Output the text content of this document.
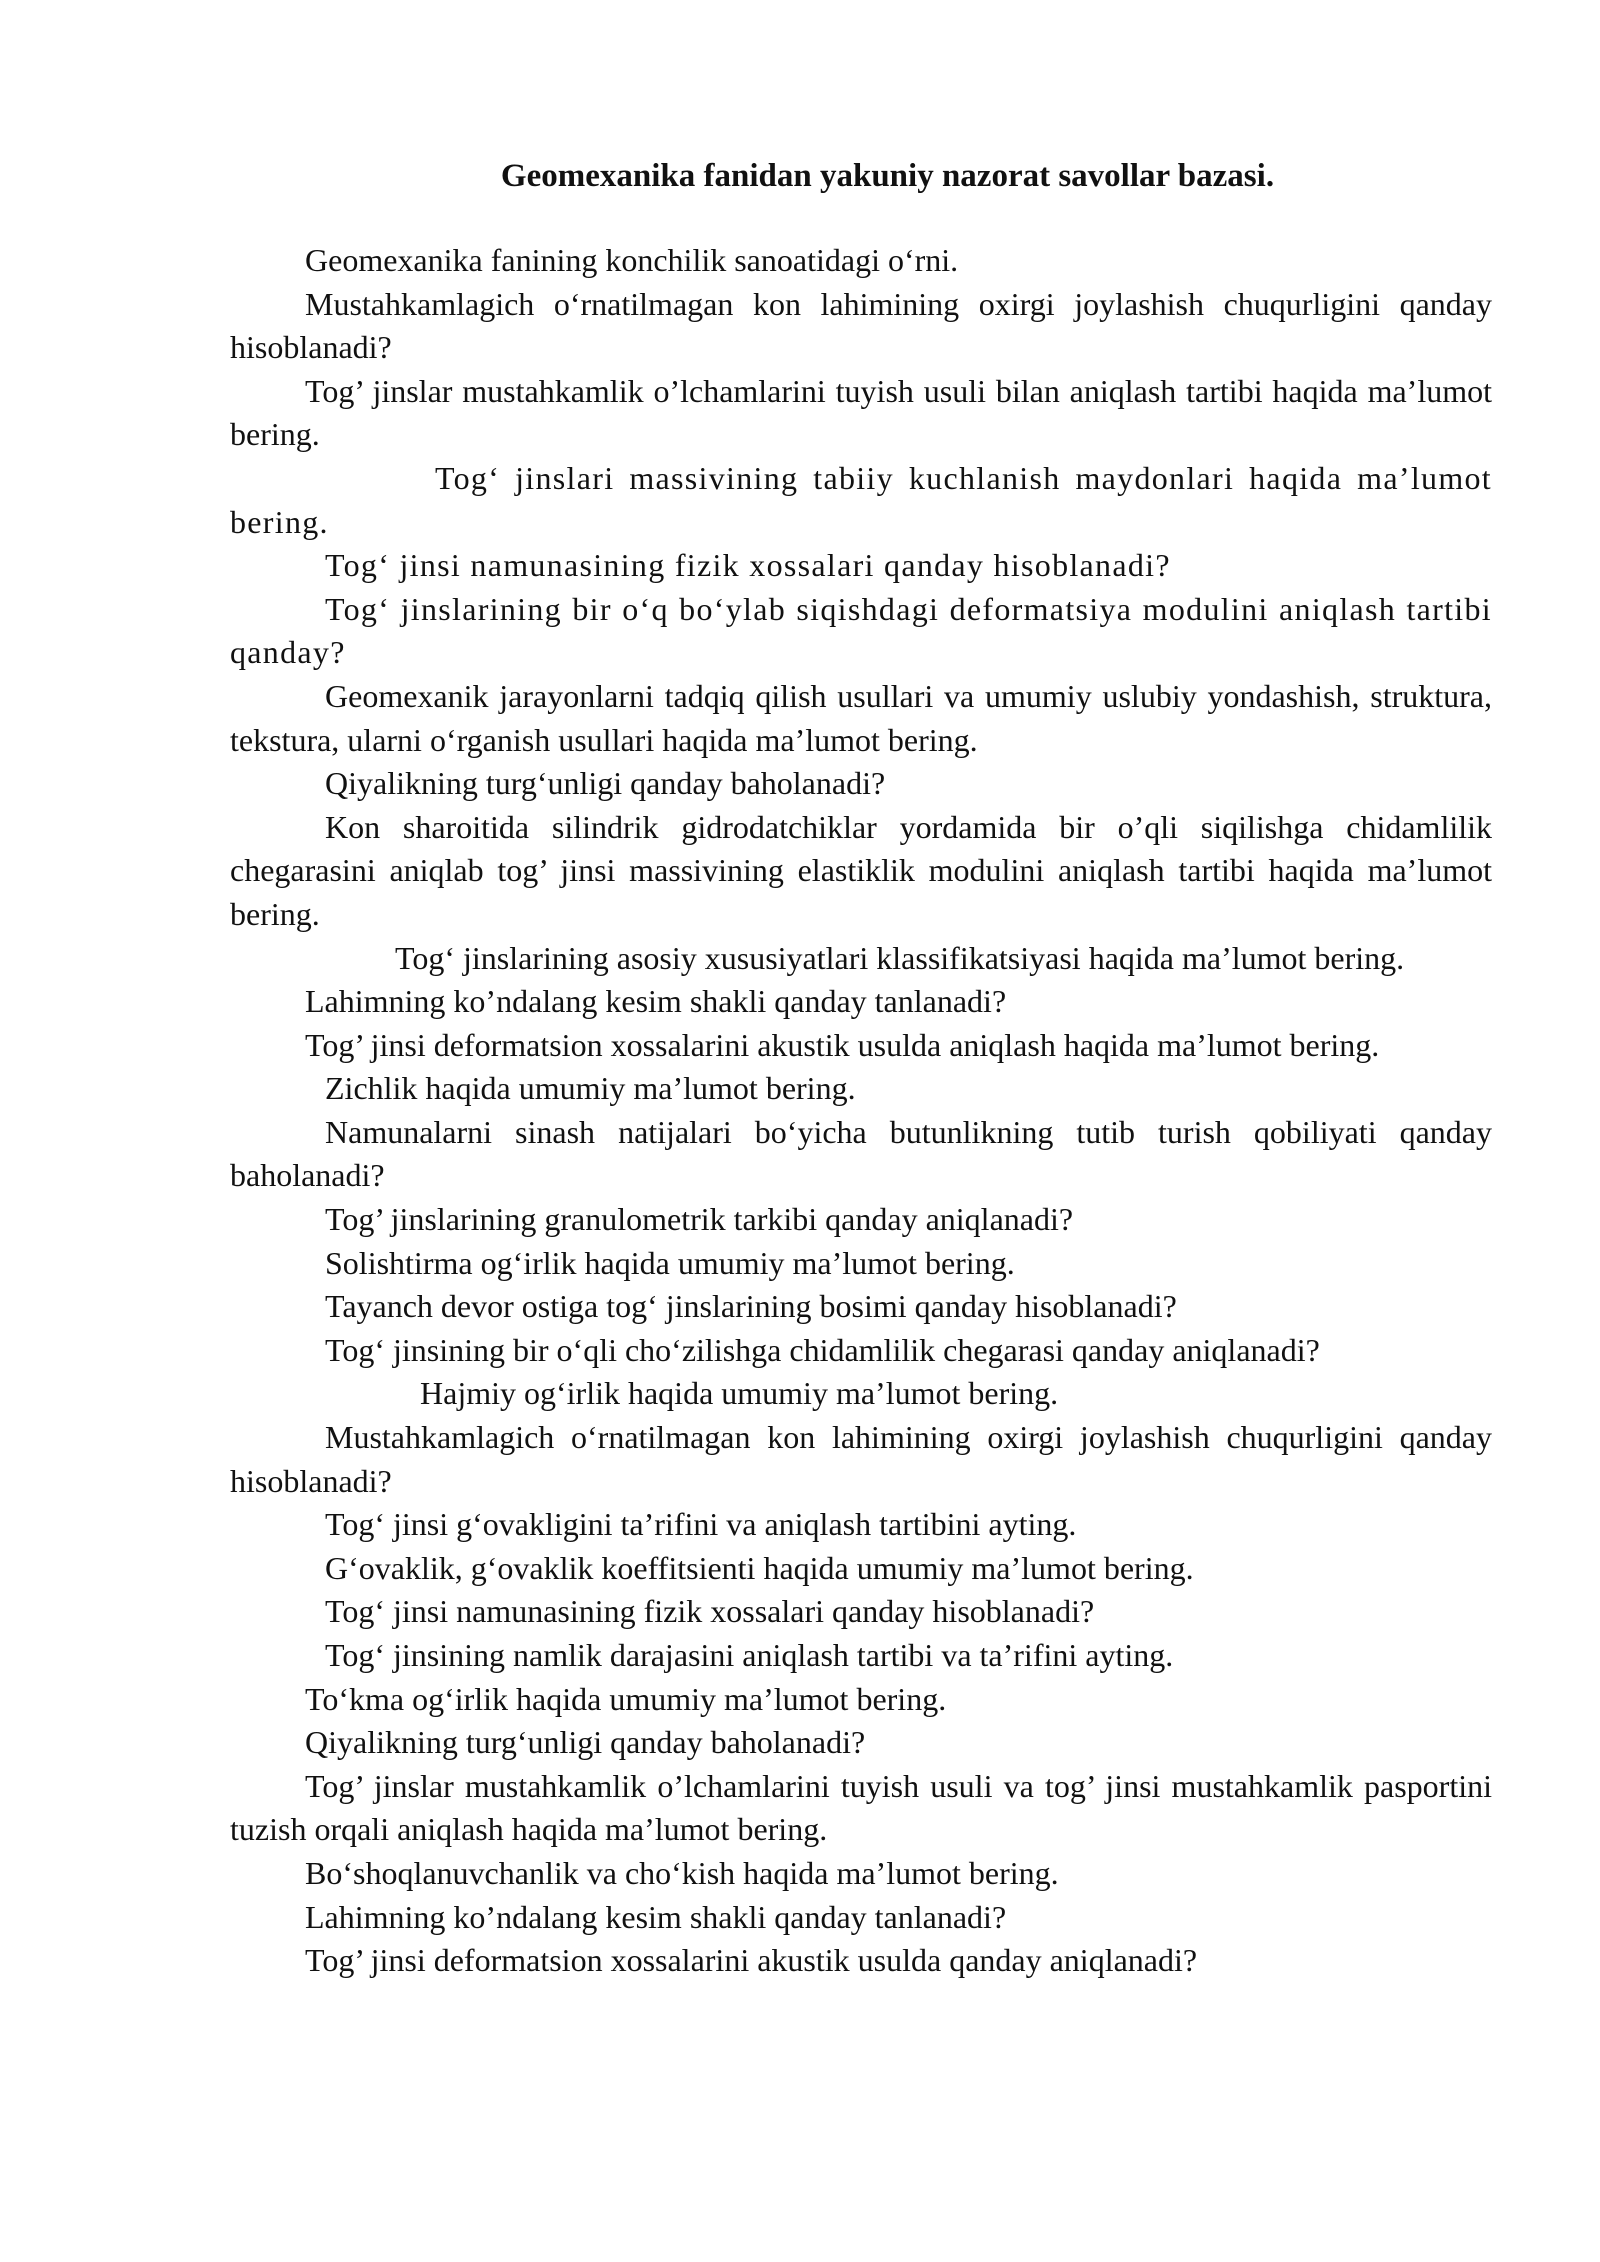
Geomexanika fanidan yakuniy nazorat savollar bazasi.

Geomexanika fanining konchilik sanoatidagi o‘rni.

Mustahkamlagich o‘rnatilmagan kon lahimining oxirgi joylashish chuqurligini qanday hisoblanadi?

Tog’ jinslar mustahkamlik o’lchamlarini tuyish usuli bilan aniqlash tartibi haqida ma’lumot bering.

Tog‘ jinslari massivining tabiiy kuchlanish maydonlari haqida ma’lumot bering.

Tog‘ jinsi namunasining fizik xossalari qanday hisoblanadi?

Tog‘ jinslarining bir o‘q bo‘ylab siqishdagi deformatsiya modulini aniqlash tartibi qanday?

Geomexanik jarayonlarni tadqiq qilish usullari va umumiy uslubiy yondashish, struktura, tekstura, ularni o‘rganish usullari haqida ma’lumot bering.

Qiyalikning turg‘unligi qanday baholanadi?

Kon sharoitida silindrik gidrodatchiklar yordamida bir o’qli siqilishga chidamlilik chegarasini aniqlab tog’ jinsi massivining elastiklik modulini aniqlash tartibi haqida ma’lumot bering.

Tog‘ jinslarining asosiy xususiyatlari klassifikatsiyasi haqida ma’lumot bering.

Lahimning ko’ndalang kesim shakli qanday tanlanadi?

Tog’ jinsi deformatsion xossalarini akustik usulda aniqlash haqida ma’lumot bering.

Zichlik haqida umumiy ma’lumot bering.

Namunalarni sinash natijalari bo‘yicha butunlikning tutib turish qobiliyati qanday baholanadi?

Tog’ jinslarining granulometrik tarkibi qanday aniqlanadi?

Solishtirma og‘irlik haqida umumiy ma’lumot bering.

Tayanch devor ostiga tog‘ jinslarining bosimi qanday hisoblanadi?

Tog‘ jinsining bir o‘qli cho‘zilishga chidamlilik chegarasi qanday aniqlanadi?

Hajmiy og‘irlik haqida umumiy ma’lumot bering.

Mustahkamlagich o‘rnatilmagan kon lahimining oxirgi joylashish chuqurligini qanday hisoblanadi?

Tog‘ jinsi g‘ovakligini ta’rifini va aniqlash tartibini ayting.

G‘ovaklik, g‘ovaklik koeffitsienti haqida umumiy ma’lumot bering.

Tog‘ jinsi namunasining fizik xossalari qanday hisoblanadi?

Tog‘ jinsining namlik darajasini aniqlash tartibi va ta’rifini ayting.

To‘kma og‘irlik haqida umumiy ma’lumot bering.

Qiyalikning turg‘unligi qanday baholanadi?

Tog’ jinslar mustahkamlik o’lchamlarini tuyish usuli va tog’ jinsi mustahkamlik pasportini tuzish orqali aniqlash haqida ma’lumot bering.

Bo‘shoqlanuvchanlik va cho‘kish haqida ma’lumot bering.

Lahimning ko’ndalang kesim shakli qanday tanlanadi?

Tog’ jinsi deformatsion xossalarini akustik usulda qanday aniqlanadi?
